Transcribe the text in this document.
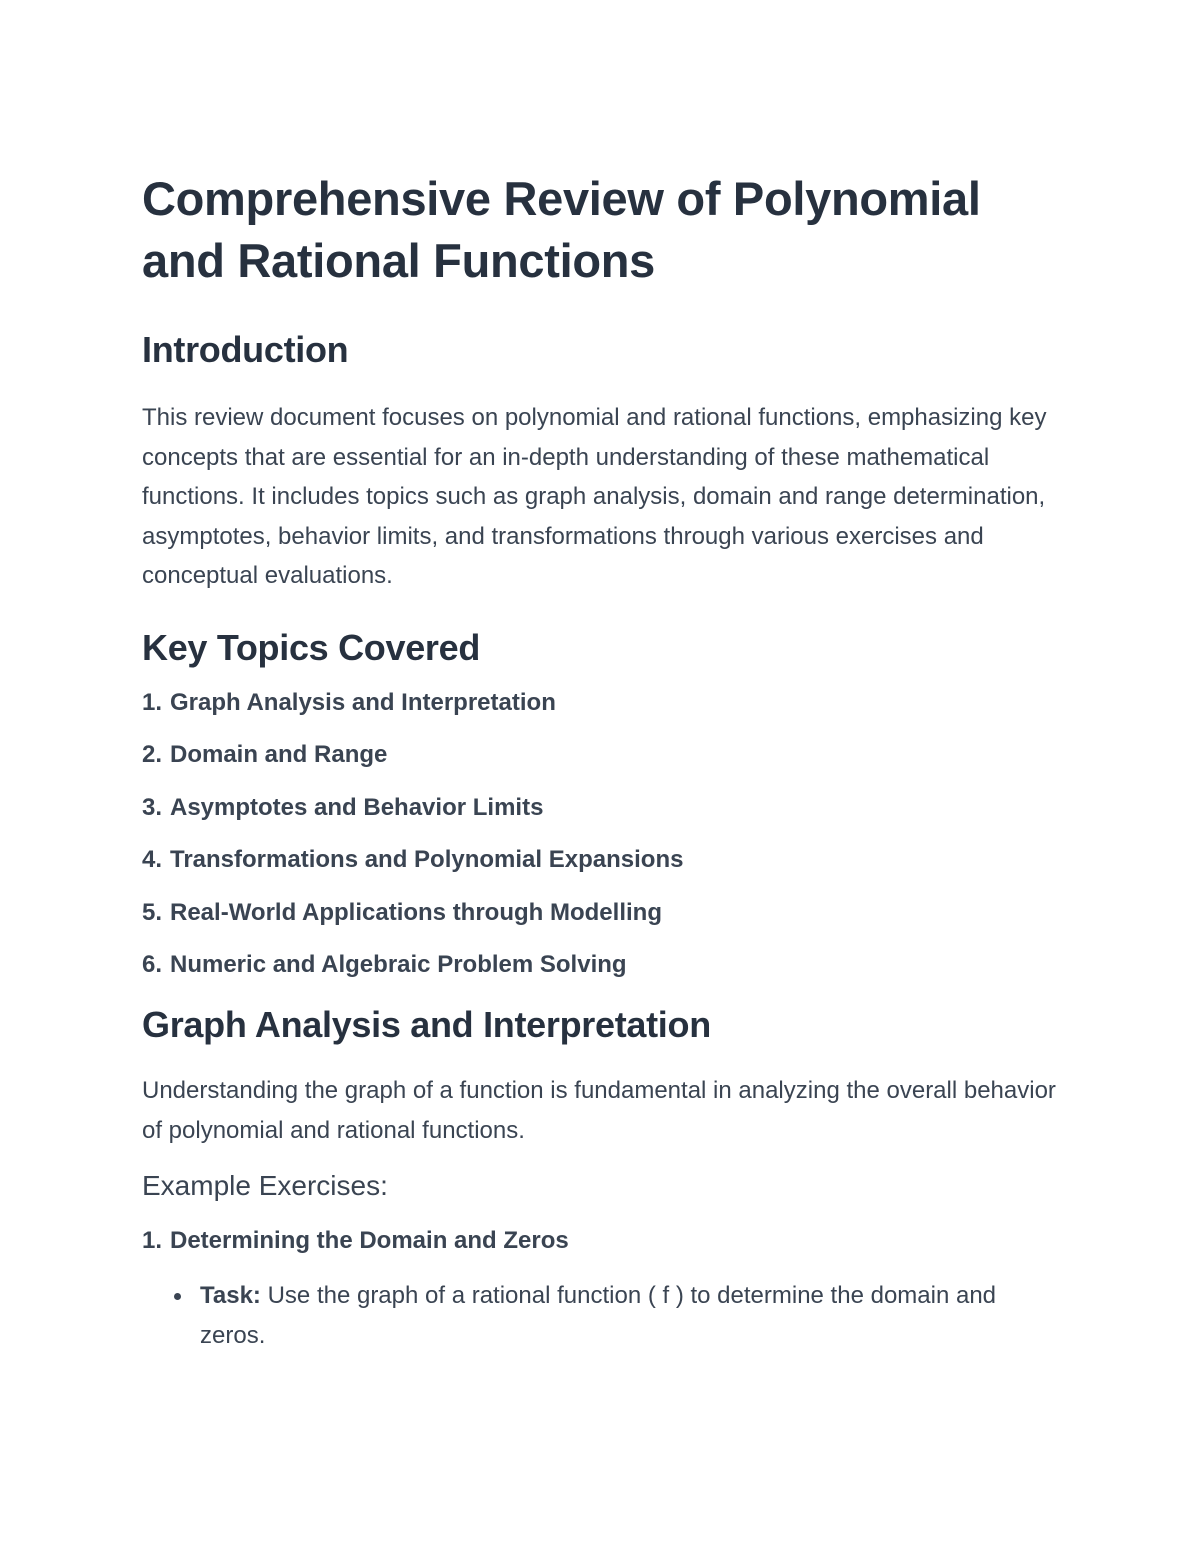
Comprehensive Review of Polynomial and Rational Functions
Introduction

This review document focuses on polynomial and rational functions, emphasizing key concepts that are essential for an in-depth understanding of these mathematical functions. It includes topics such as graph analysis, domain and range determination, asymptotes, behavior limits, and transformations through various exercises and conceptual evaluations.

Key Topics Covered
1. Graph Analysis and Interpretation
2. Domain and Range
3. Asymptotes and Behavior Limits
4. Transformations and Polynomial Expansions
5. Real-World Applications through Modelling
6. Numeric and Algebraic Problem Solving
Graph Analysis and Interpretation

Understanding the graph of a function is fundamental in analyzing the overall behavior of polynomial and rational functions.

Example Exercises:
1. Determining the Domain and Zeros
Task: Use the graph of a rational function ( f ) to determine the domain and zeros.
